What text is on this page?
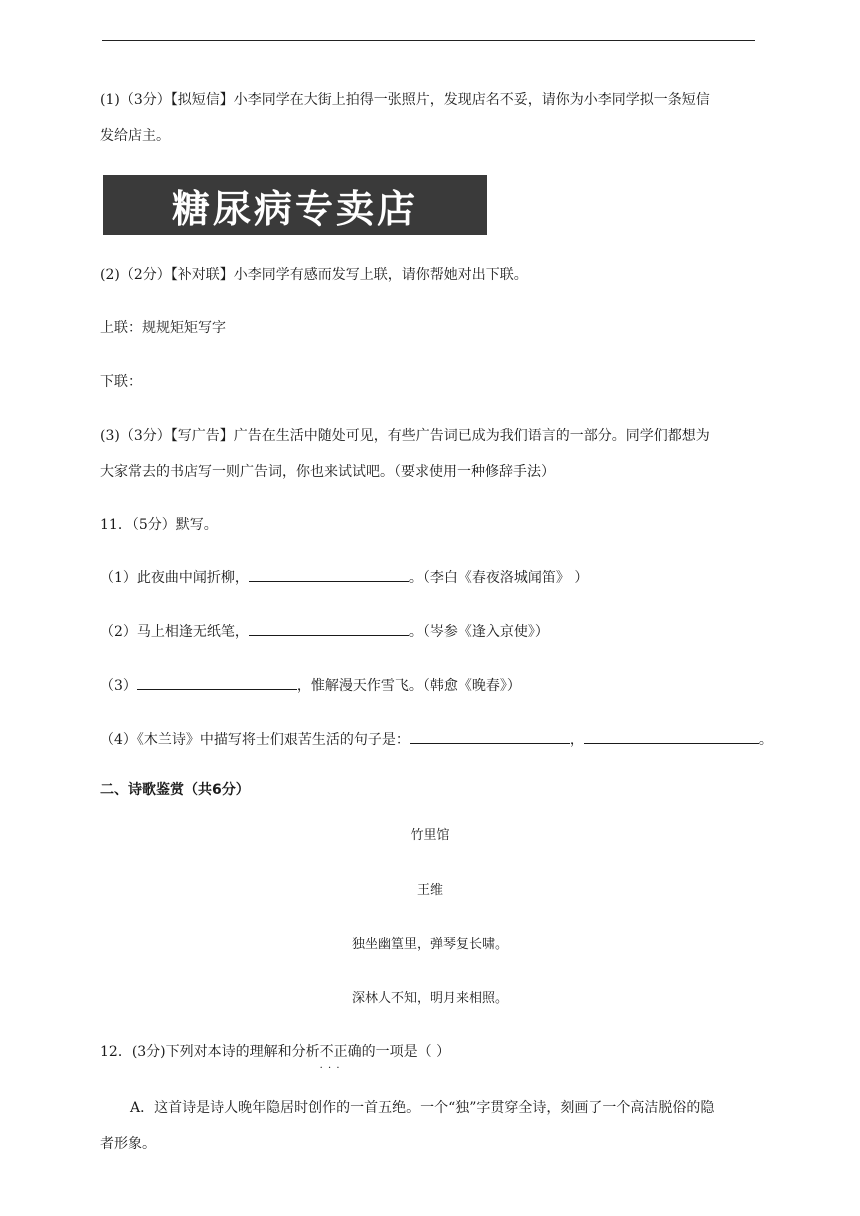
(1)（3分）【拟短信】小李同学在大街上拍得一张照片，发现店名不妥，请你为小李同学拟一条短信
发给店主。
糖尿病专卖店
(2)（2分）【补对联】小李同学有感而发写上联，请你帮她对出下联。
上联：规规矩矩写字
下联：
(3)（3分）【写广告】广告在生活中随处可见，有些广告词已成为我们语言的一部分。同学们都想为
大家常去的书店写一则广告词，你也来试试吧。（要求使用一种修辞手法）
11．（5分）默写。
（1）此夜曲中闻折柳，	。（李白《春夜洛城闻笛》 ）
（2）马上相逢无纸笔，	。（岑参《逢入京使》）
（3）	，惟解漫天作雪飞。（韩愈《晚春》）
（4）《木兰诗》中描写将士们艰苦生活的句子是：	，	。
二、诗歌鉴赏（共6分）
竹里馆
王维
独坐幽篁里，弹琴复长啸。
深林人不知，明月来相照。
12．(3分)下列对本诗的理解和分析不正确 · · ·的一项是（ ）
A．这首诗是诗人晚年隐居时创作的一首五绝。一个“独”字贯穿全诗，刻画了一个高洁脱俗的隐
者形象。
